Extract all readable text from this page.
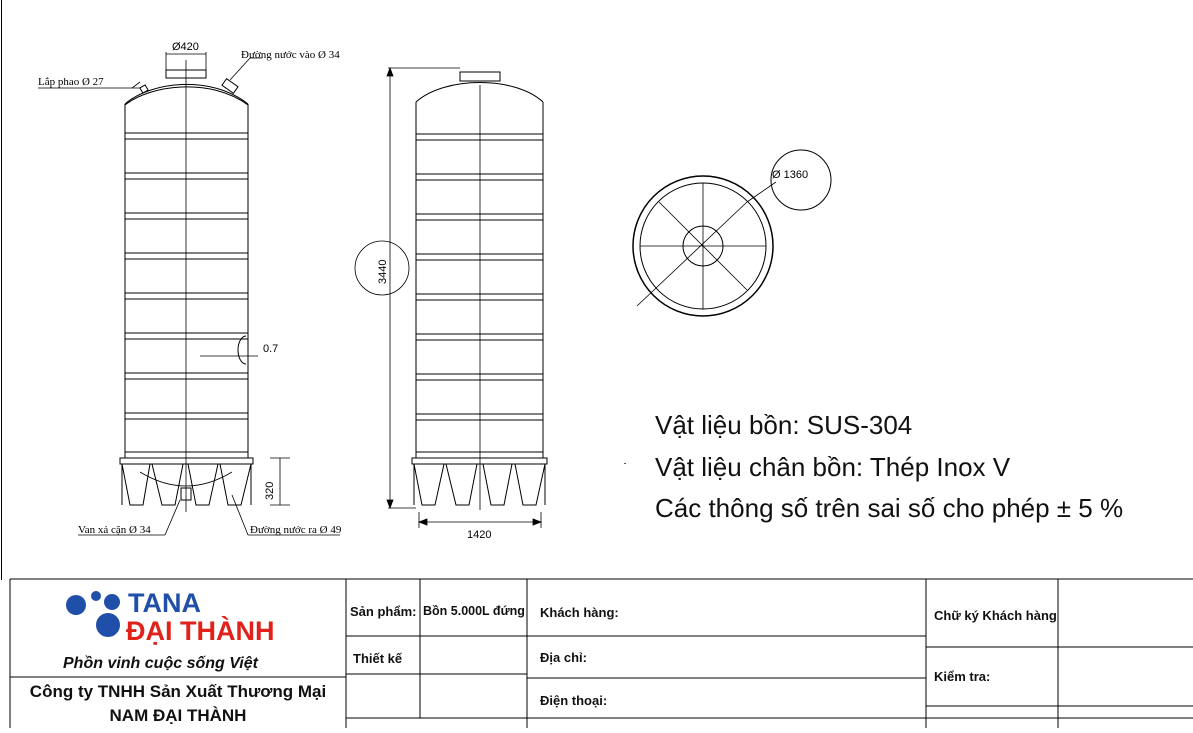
Ø420
Đường nước vào Ø 34
Lắp phao Ø 27
0.7
Van xả cặn Ø 34	Đường nước ra Ø 49
320
3440
1420
Ø 1360
TANA
ĐẠI THÀNH
Phồn vinh cuộc sống Việt
Vật liệu bồn: SUS-304
Vật liệu chân bồn: Thép Inox V
Các thông số trên sai số cho phép ± 5 %
Công ty TNHH Sản Xuất Thương Mại
NAM ĐẠI THÀNH
Sản phẩm: Bồn 5.000L đứng
Thiết kế
Khách hàng:
Địa chỉ:
Điện thoại:
Chữ ký Khách hàng
Kiểm tra:
